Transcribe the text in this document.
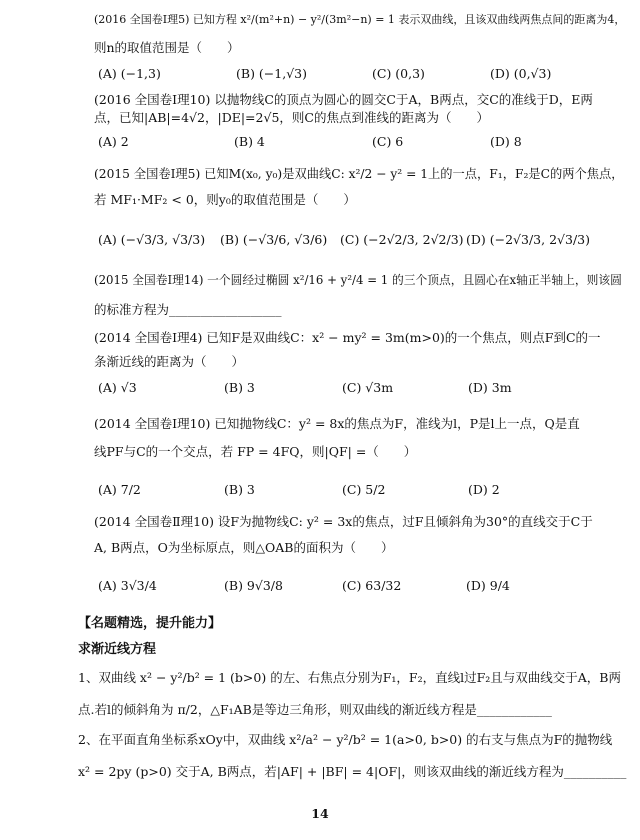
(2016 全国卷Ⅰ理5) 已知方程 x²/(m²+n) − y²/(3m²−n) = 1 表示双曲线，且该双曲线两焦点间的距离为4，
则n的取值范围是（　　）
(A) (−1,3)	(B) (−1,√3)	(C) (0,3)	(D) (0,√3)
(2016 全国卷Ⅰ理10) 以抛物线C的顶点为圆心的圆交C于A，B两点，交C的准线于D，E两
点，已知|AB|=4√2，|DE|=2√5，则C的焦点到准线的距离为（　　）
(A) 2	(B) 4	(C) 6	(D) 8
(2015 全国卷Ⅰ理5) 已知M(x₀, y₀)是双曲线C: x²/2 − y² = 1上的一点，F₁，F₂是C的两个焦点，
若 MF₁·MF₂ < 0，则y₀的取值范围是（　　）
(A) (−√3/3, √3/3) (B) (−√3/6, √3/6) (C) (−2√2/3, 2√2/3) (D) (−2√3/3, 2√3/3)
(2015 全国卷Ⅰ理14) 一个圆经过椭圆 x²/16 + y²/4 = 1 的三个顶点，且圆心在x轴正半轴上，则该圆
的标准方程为__________________
(2014 全国卷Ⅰ理4) 已知F是双曲线C：x² − my² = 3m(m>0)的一个焦点，则点F到C的一
条渐近线的距离为（　　）
(A) √3	(B) 3	(C) √3m	(D) 3m
(2014 全国卷Ⅰ理10) 已知抛物线C：y² = 8x的焦点为F，准线为l，P是l上一点，Q是直
线PF与C的一个交点，若 FP = 4FQ，则|QF| =（　　）
(A) 7/2	(B) 3	(C) 5/2	(D) 2
(2014 全国卷Ⅱ理10) 设F为抛物线C: y² = 3x的焦点，过F且倾斜角为30°的直线交于C于
A, B两点，O为坐标原点，则△OAB的面积为（　　）
(A) 3√3/4	(B) 9√3/8	(C) 63/32	(D) 9/4
【名题精选，提升能力】
求渐近线方程
1、双曲线 x² − y²/b² = 1 (b>0) 的左、右焦点分别为F₁，F₂，直线l过F₂且与双曲线交于A，B两
点.若l的倾斜角为 π/2，△F₁AB是等边三角形，则双曲线的渐近线方程是____________
2、在平面直角坐标系xOy中，双曲线 x²/a² − y²/b² = 1(a>0, b>0) 的右支与焦点为F的抛物线
x² = 2py (p>0) 交于A, B两点，若|AF| + |BF| = 4|OF|，则该双曲线的渐近线方程为__________
14
